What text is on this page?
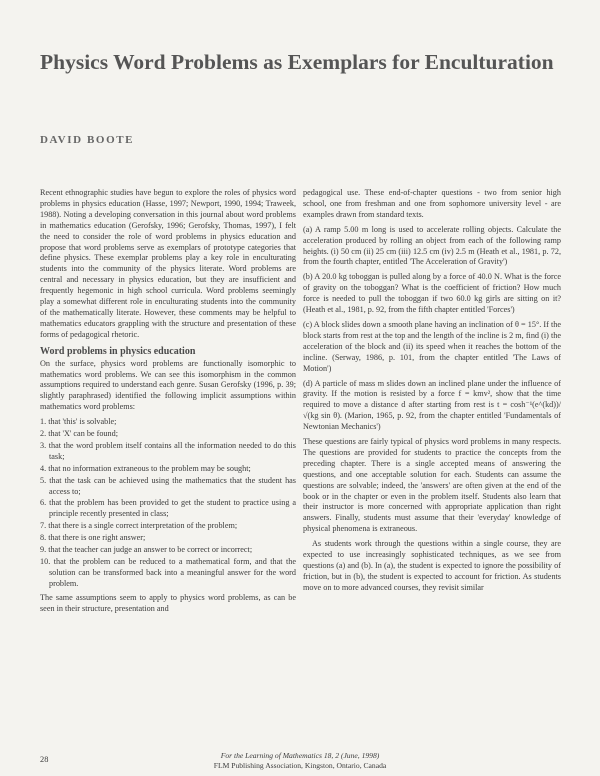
Physics Word Problems as Exemplars for Enculturation
DAVID BOOTE

Recent ethnographic studies have begun to explore the roles of physics word problems in physics education (Hasse, 1997; Newport, 1990, 1994; Traweek, 1988). Noting a developing conversation in this journal about word problems in mathematics education (Gerofsky, 1996; Gerofsky, Thomas, 1997), I felt the need to consider the role of word problems in physics education and propose that word problems serve as exemplars of prototype categories that define physics. These exemplar problems play a key role in enculturating students into the community of the physics literate. Word problems are central and necessary in physics education, but they are insufficient and frequently hegemonic in high school curricula. Word problems seemingly play a somewhat different role in enculturating students into the community of the mathematically literate. However, these comments may be helpful to mathematics educators grappling with the structure and presentation of these forms of pedagogical rhetoric.

Word problems in physics education

On the surface, physics word problems are functionally isomorphic to mathematics word problems. We can see this isomorphism in the common assumptions required to understand each genre. Susan Gerofsky (1996, p. 39; slightly paraphrased) identified the following implicit assumptions within mathematics word problems:

1. that 'this' is solvable;
2. that 'X' can be found;
3. that the word problem itself contains all the information needed to do this task;
4. that no information extraneous to the problem may be sought;
5. that the task can be achieved using the mathematics that the student has access to;
6. that the problem has been provided to get the student to practice using a principle recently presented in class;
7. that there is a single correct interpretation of the problem;
8. that there is one right answer;
9. that the teacher can judge an answer to be correct or incorrect;
10. that the problem can be reduced to a mathematical form, and that the solution can be transformed back into a meaningful answer for the word problem.

The same assumptions seem to apply to physics word problems, as can be seen in their structure, presentation and

pedagogical use. These end-of-chapter questions - two from senior high school, one from freshman and one from sophomore university level - are examples drawn from standard texts.

(a) A ramp 5.00 m long is used to accelerate rolling objects. Calculate the acceleration produced by rolling an object from each of the following ramp heights. (i) 50 cm (ii) 25 cm (iii) 12.5 cm (iv) 2.5 m (Heath et al., 1981, p. 72, from the fourth chapter, entitled 'The Acceleration of Gravity')

(b) A 20.0 kg toboggan is pulled along by a force of 40.0 N. What is the force of gravity on the toboggan? What is the coefficient of friction? How much force is needed to pull the toboggan if two 60.0 kg girls are sitting on it? (Heath et al., 1981, p. 92, from the fifth chapter entitled 'Forces')

(c) A block slides down a smooth plane having an inclination of θ = 15°. If the block starts from rest at the top and the length of the incline is 2 m, find (i) the acceleration of the block and (ii) its speed when it reaches the bottom of the incline. (Serway, 1986, p. 101, from the chapter entitled 'The Laws of Motion')

(d) A particle of mass m slides down an inclined plane under the influence of gravity. If the motion is resisted by a force f = kmv², show that the time required to move a distance d after starting from rest is t = cosh⁻¹(e^(kd))/√(kg sin θ). (Marion, 1965, p. 92, from the chapter entitled 'Fundamentals of Newtonian Mechanics')

These questions are fairly typical of physics word problems in many respects. The questions are provided for students to practice the concepts from the preceding chapter. There is a single accepted means of answering the questions, and one acceptable solution for each. Students can assume the questions are solvable; indeed, the 'answers' are often given at the end of the book or in the chapter or even in the problem itself. Students also learn that their instructor is more concerned with appropriate application than right answers. Finally, students must assume that their 'everyday' knowledge of physical phenomena is extraneous.

As students work through the questions within a single course, they are expected to use increasingly sophisticated techniques, as we see from questions (a) and (b). In (a), the student is expected to ignore the possibility of friction, but in (b), the student is expected to account for friction. As students move on to more advanced courses, they revisit similar

28	For the Learning of Mathematics 18, 2 (June, 1998)
FLM Publishing Association, Kingston, Ontario, Canada
